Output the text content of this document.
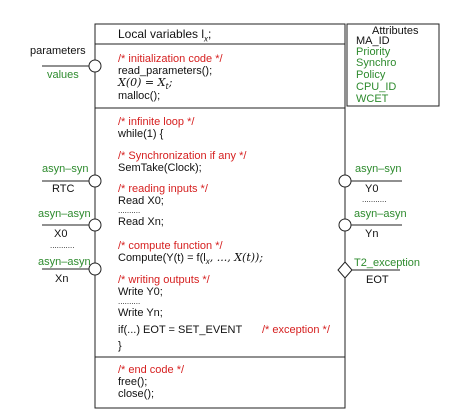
Local variables $l_x$;	Attributes
MA_ID
Priority
Synchro
Policy
CPU_ID
WCET
/* initialization code */
read_parameters();
$X(0) = X_t$;
malloc();
/* infinite loop */
while(1) {
/* Synchronization if any */
SemTake(Clock);
/* reading inputs */
Read X0;
..........
Read Xn;
/* compute function */
Compute(Y(t) = $f(l_x$, ..., X(t));
/* writing outputs */
Write Y0;
..........
Write Yn;
if(...) EOT = SET_EVENT /* exception */
}
/* end code */
free();
close();
parameters
values
asyn–syn
RTC
asyn–asyn
X0
...........
asyn–asyn
Xn
asyn–syn
Y0
...........
asyn–asyn
Yn
T2_exception
EOT
